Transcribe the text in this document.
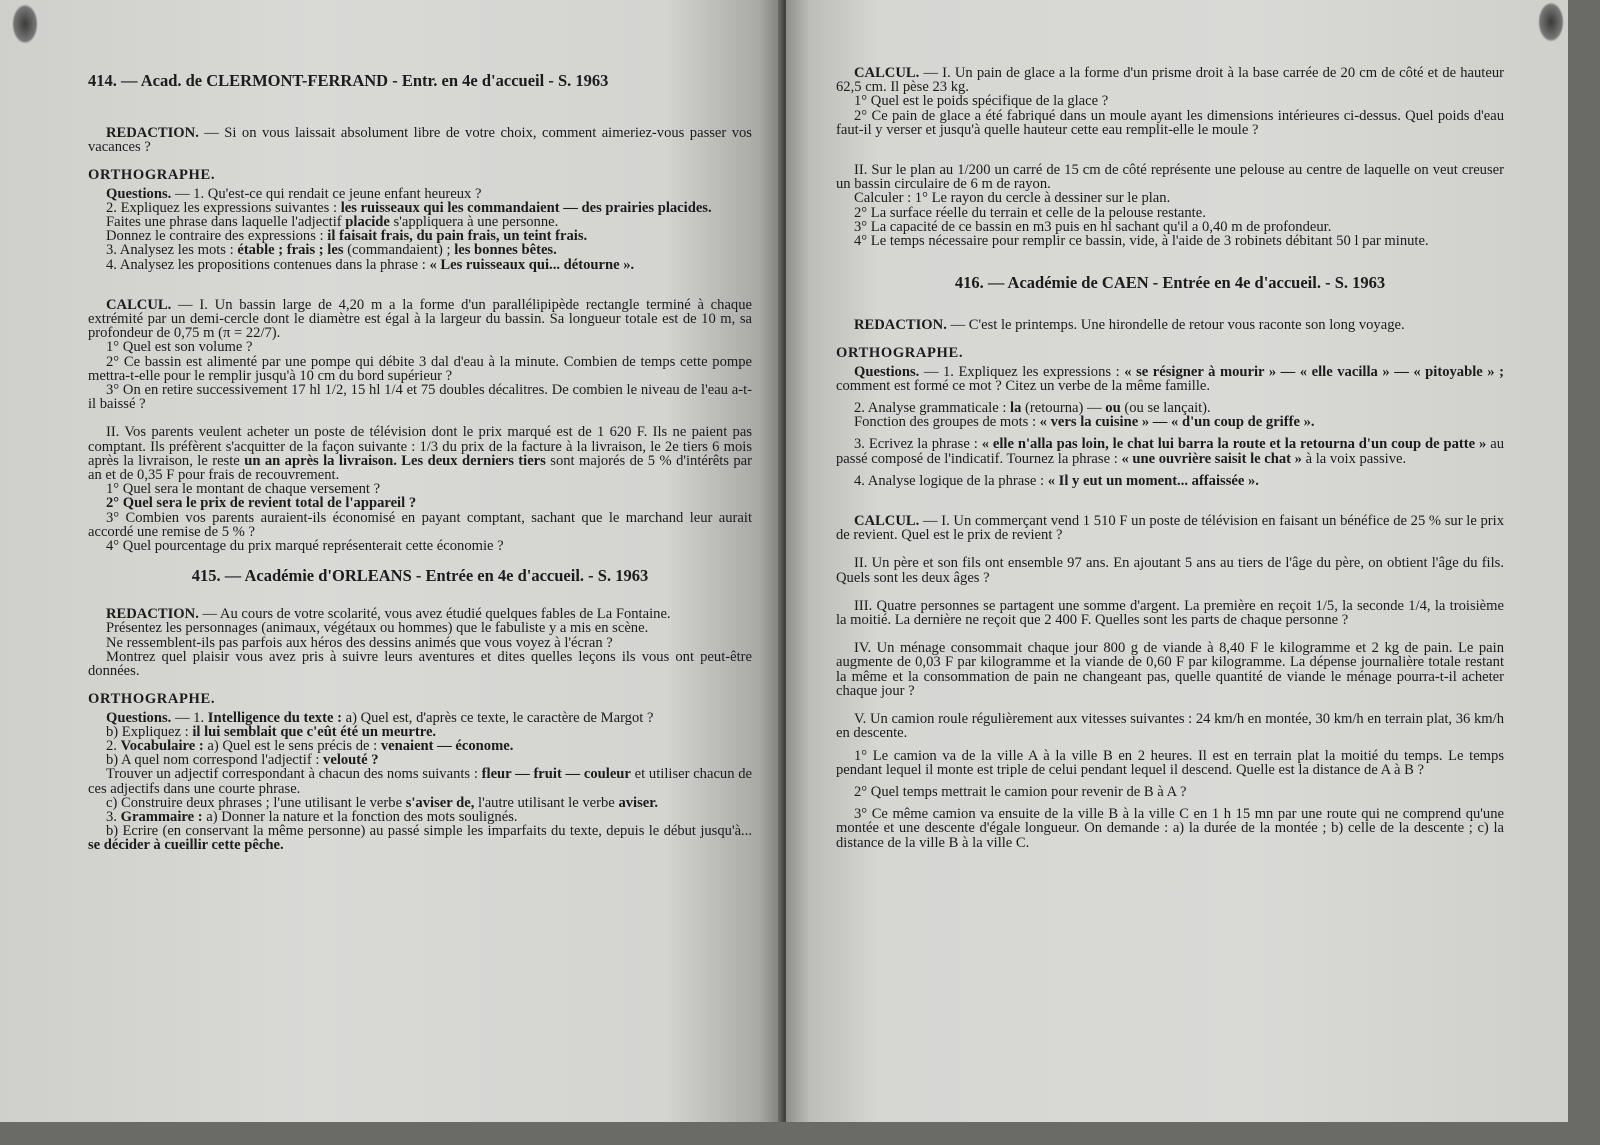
414. — Acad. de CLERMONT-FERRAND - Entr. en 4e d'accueil - S. 1963

REDACTION. — Si on vous laissait absolument libre de votre choix, comment aimeriez-vous passer vos vacances ?

ORTHOGRAPHE.

Questions. — 1. Qu'est-ce qui rendait ce jeune enfant heureux ?

2. Expliquez les expressions suivantes : les ruisseaux qui les commandaient — des prairies placides.

Faites une phrase dans laquelle l'adjectif placide s'appliquera à une personne.

Donnez le contraire des expressions : il faisait frais, du pain frais, un teint frais.

3. Analysez les mots : étable ; frais ; les (commandaient) ; les bonnes bêtes.

4. Analysez les propositions contenues dans la phrase : « Les ruisseaux qui... détourne ».

CALCUL. — I. Un bassin large de 4,20 m a la forme d'un parallélipipède rectangle terminé à chaque extrémité par un demi-cercle dont le diamètre est égal à la largeur du bassin. Sa longueur totale est de 10 m, sa profondeur de 0,75 m (π = 22/7).

1° Quel est son volume ?

2° Ce bassin est alimenté par une pompe qui débite 3 dal d'eau à la minute. Combien de temps cette pompe mettra-t-elle pour le remplir jusqu'à 10 cm du bord supérieur ?

3° On en retire successivement 17 hl 1/2, 15 hl 1/4 et 75 doubles décalitres. De combien le niveau de l'eau a-t-il baissé ?

II. Vos parents veulent acheter un poste de télévision dont le prix marqué est de 1 620 F. Ils ne paient pas comptant. Ils préfèrent s'acquitter de la façon suivante : 1/3 du prix de la facture à la livraison, le 2e tiers 6 mois après la livraison, le reste un an après la livraison. Les deux derniers tiers sont majorés de 5 % d'intérêts par an et de 0,35 F pour frais de recouvrement.

1° Quel sera le montant de chaque versement ?

2° Quel sera le prix de revient total de l'appareil ?

3° Combien vos parents auraient-ils économisé en payant comptant, sachant que le marchand leur aurait accordé une remise de 5 % ?

4° Quel pourcentage du prix marqué représenterait cette économie ?

415. — Académie d'ORLEANS - Entrée en 4e d'accueil. - S. 1963

REDACTION. — Au cours de votre scolarité, vous avez étudié quelques fables de La Fontaine.

Présentez les personnages (animaux, végétaux ou hommes) que le fabuliste y a mis en scène.

Ne ressemblent-ils pas parfois aux héros des dessins animés que vous voyez à l'écran ?

Montrez quel plaisir vous avez pris à suivre leurs aventures et dites quelles leçons ils vous ont peut-être données.

ORTHOGRAPHE.

Questions. — 1. Intelligence du texte : a) Quel est, d'après ce texte, le caractère de Margot ?

b) Expliquez : il lui semblait que c'eût été un meurtre.

2. Vocabulaire : a) Quel est le sens précis de : venaient — économe.

b) A quel nom correspond l'adjectif : velouté ?

Trouver un adjectif correspondant à chacun des noms suivants : fleur — fruit — couleur et utiliser chacun de ces adjectifs dans une courte phrase.

c) Construire deux phrases ; l'une utilisant le verbe s'aviser de, l'autre utilisant le verbe aviser.

3. Grammaire : a) Donner la nature et la fonction des mots soulignés.

b) Ecrire (en conservant la même personne) au passé simple les imparfaits du texte, depuis le début jusqu'à... se décider à cueillir cette pêche.

CALCUL. — I. Un pain de glace a la forme d'un prisme droit à la base carrée de 20 cm de côté et de hauteur 62,5 cm. Il pèse 23 kg.

1° Quel est le poids spécifique de la glace ?

2° Ce pain de glace a été fabriqué dans un moule ayant les dimensions intérieures ci-dessus. Quel poids d'eau faut-il y verser et jusqu'à quelle hauteur cette eau remplit-elle le moule ?

II. Sur le plan au 1/200 un carré de 15 cm de côté représente une pelouse au centre de laquelle on veut creuser un bassin circulaire de 6 m de rayon.

Calculer : 1° Le rayon du cercle à dessiner sur le plan.

2° La surface réelle du terrain et celle de la pelouse restante.

3° La capacité de ce bassin en m3 puis en hl sachant qu'il a 0,40 m de profondeur.

4° Le temps nécessaire pour remplir ce bassin, vide, à l'aide de 3 robinets débitant 50 l par minute.

416. — Académie de CAEN - Entrée en 4e d'accueil. - S. 1963

REDACTION. — C'est le printemps. Une hirondelle de retour vous raconte son long voyage.

ORTHOGRAPHE.

Questions. — 1. Expliquez les expressions : « se résigner à mourir » — « elle vacilla » — « pitoyable » ; comment est formé ce mot ? Citez un verbe de la même famille.

2. Analyse grammaticale : la (retourna) — ou (ou se lançait).

Fonction des groupes de mots : « vers la cuisine » — « d'un coup de griffe ».

3. Ecrivez la phrase : « elle n'alla pas loin, le chat lui barra la route et la retourna d'un coup de patte » au passé composé de l'indicatif. Tournez la phrase : « une ouvrière saisit le chat » à la voix passive.

4. Analyse logique de la phrase : « Il y eut un moment... affaissée ».

CALCUL. — I. Un commerçant vend 1 510 F un poste de télévision en faisant un bénéfice de 25 % sur le prix de revient. Quel est le prix de revient ?

II. Un père et son fils ont ensemble 97 ans. En ajoutant 5 ans au tiers de l'âge du père, on obtient l'âge du fils. Quels sont les deux âges ?

III. Quatre personnes se partagent une somme d'argent. La première en reçoit 1/5, la seconde 1/4, la troisième la moitié. La dernière ne reçoit que 2 400 F. Quelles sont les parts de chaque personne ?

IV. Un ménage consommait chaque jour 800 g de viande à 8,40 F le kilogramme et 2 kg de pain. Le pain augmente de 0,03 F par kilogramme et la viande de 0,60 F par kilogramme. La dépense journalière totale restant la même et la consommation de pain ne changeant pas, quelle quantité de viande le ménage pourra-t-il acheter chaque jour ?

V. Un camion roule régulièrement aux vitesses suivantes : 24 km/h en montée, 30 km/h en terrain plat, 36 km/h en descente.

1° Le camion va de la ville A à la ville B en 2 heures. Il est en terrain plat la moitié du temps. Le temps pendant lequel il monte est triple de celui pendant lequel il descend. Quelle est la distance de A à B ?

2° Quel temps mettrait le camion pour revenir de B à A ?

3° Ce même camion va ensuite de la ville B à la ville C en 1 h 15 mn par une route qui ne comprend qu'une montée et une descente d'égale longueur. On demande : a) la durée de la montée ; b) celle de la descente ; c) la distance de la ville B à la ville C.
